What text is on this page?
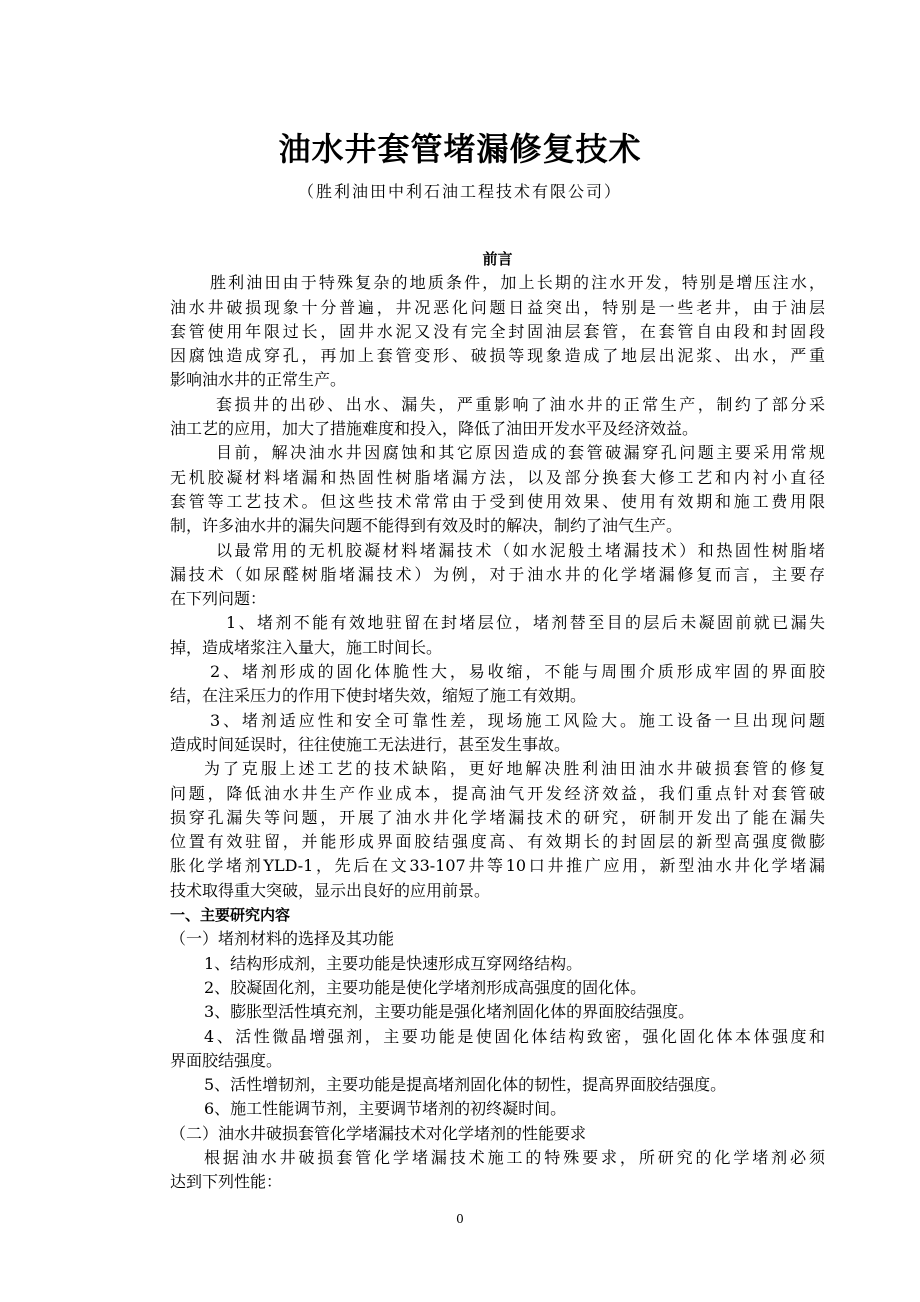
油水井套管堵漏修复技术
（胜利油田中利石油工程技术有限公司）
前言
胜利油田由于特殊复杂的地质条件，加上长期的注水开发，特别是增压注水，
油水井破损现象十分普遍，井况恶化问题日益突出，特别是一些老井，由于油层
套管使用年限过长，固井水泥又没有完全封固油层套管，在套管自由段和封固段
因腐蚀造成穿孔，再加上套管变形、破损等现象造成了地层出泥浆、出水，严重
影响油水井的正常生产。
套损井的出砂、出水、漏失，严重影响了油水井的正常生产，制约了部分采
油工艺的应用，加大了措施难度和投入，降低了油田开发水平及经济效益。
目前，解决油水井因腐蚀和其它原因造成的套管破漏穿孔问题主要采用常规
无机胶凝材料堵漏和热固性树脂堵漏方法，以及部分换套大修工艺和内衬小直径
套管等工艺技术。但这些技术常常由于受到使用效果、使用有效期和施工费用限
制，许多油水井的漏失问题不能得到有效及时的解决，制约了油气生产。
以最常用的无机胶凝材料堵漏技术（如水泥般土堵漏技术）和热固性树脂堵
漏技术（如尿醛树脂堵漏技术）为例，对于油水井的化学堵漏修复而言，主要存
在下列问题：
1、堵剂不能有效地驻留在封堵层位，堵剂替至目的层后未凝固前就已漏失
掉，造成堵浆注入量大，施工时间长。
2、堵剂形成的固化体脆性大，易收缩，不能与周围介质形成牢固的界面胶
结，在注采压力的作用下使封堵失效，缩短了施工有效期。
3、堵剂适应性和安全可靠性差，现场施工风险大。施工设备一旦出现问题
造成时间延误时，往往使施工无法进行，甚至发生事故。
为了克服上述工艺的技术缺陷，更好地解决胜利油田油水井破损套管的修复
问题，降低油水井生产作业成本，提高油气开发经济效益，我们重点针对套管破
损穿孔漏失等问题，开展了油水井化学堵漏技术的研究，研制开发出了能在漏失
位置有效驻留，并能形成界面胶结强度高、有效期长的封固层的新型高强度微膨
胀化学堵剂YLD-1，先后在文33-107井等10口井推广应用，新型油水井化学堵漏
技术取得重大突破，显示出良好的应用前景。
一、主要研究内容
（一）堵剂材料的选择及其功能
1、结构形成剂，主要功能是快速形成互穿网络结构。
2、胶凝固化剂，主要功能是使化学堵剂形成高强度的固化体。
3、膨胀型活性填充剂，主要功能是强化堵剂固化体的界面胶结强度。
4、活性微晶增强剂，主要功能是使固化体结构致密，强化固化体本体强度和
界面胶结强度。
5、活性增韧剂，主要功能是提高堵剂固化体的韧性，提高界面胶结强度。
6、施工性能调节剂，主要调节堵剂的初终凝时间。
（二）油水井破损套管化学堵漏技术对化学堵剂的性能要求
根据油水井破损套管化学堵漏技术施工的特殊要求，所研究的化学堵剂必须
达到下列性能：
0
